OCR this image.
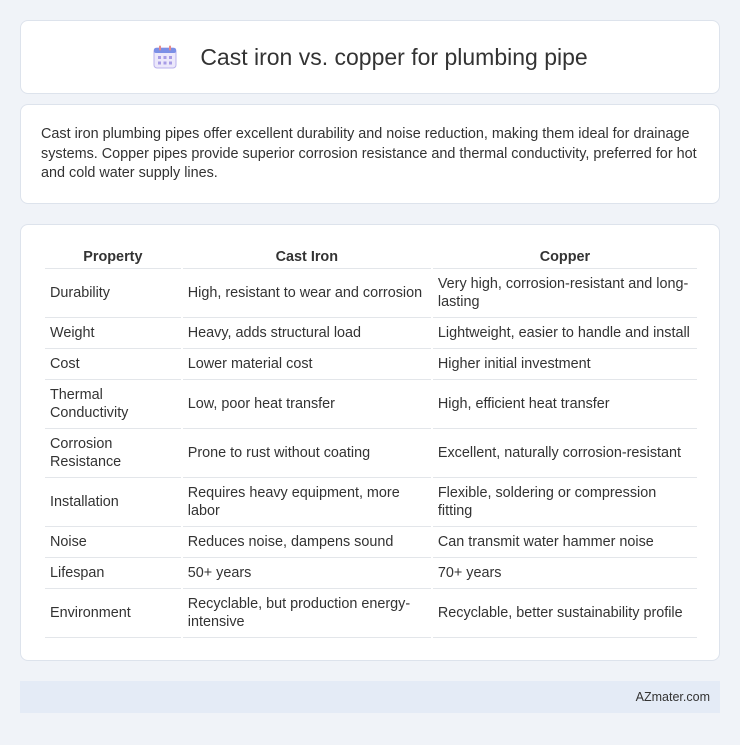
Cast iron vs. copper for plumbing pipe

Cast iron plumbing pipes offer excellent durability and noise reduction, making them ideal for drainage systems. Copper pipes provide superior corrosion resistance and thermal conductivity, preferred for hot and cold water supply lines.

Property	Cast Iron	Copper
Durability	High, resistant to wear and corrosion	Very high, corrosion-resistant and long-lasting
Weight	Heavy, adds structural load	Lightweight, easier to handle and install
Cost	Lower material cost	Higher initial investment
Thermal Conductivity	Low, poor heat transfer	High, efficient heat transfer
Corrosion Resistance	Prone to rust without coating	Excellent, naturally corrosion-resistant
Installation	Requires heavy equipment, more labor	Flexible, soldering or compression fitting
Noise	Reduces noise, dampens sound	Can transmit water hammer noise
Lifespan	50+ years	70+ years
Environment	Recyclable, but production energy-intensive	Recyclable, better sustainability profile
AZmater.com
